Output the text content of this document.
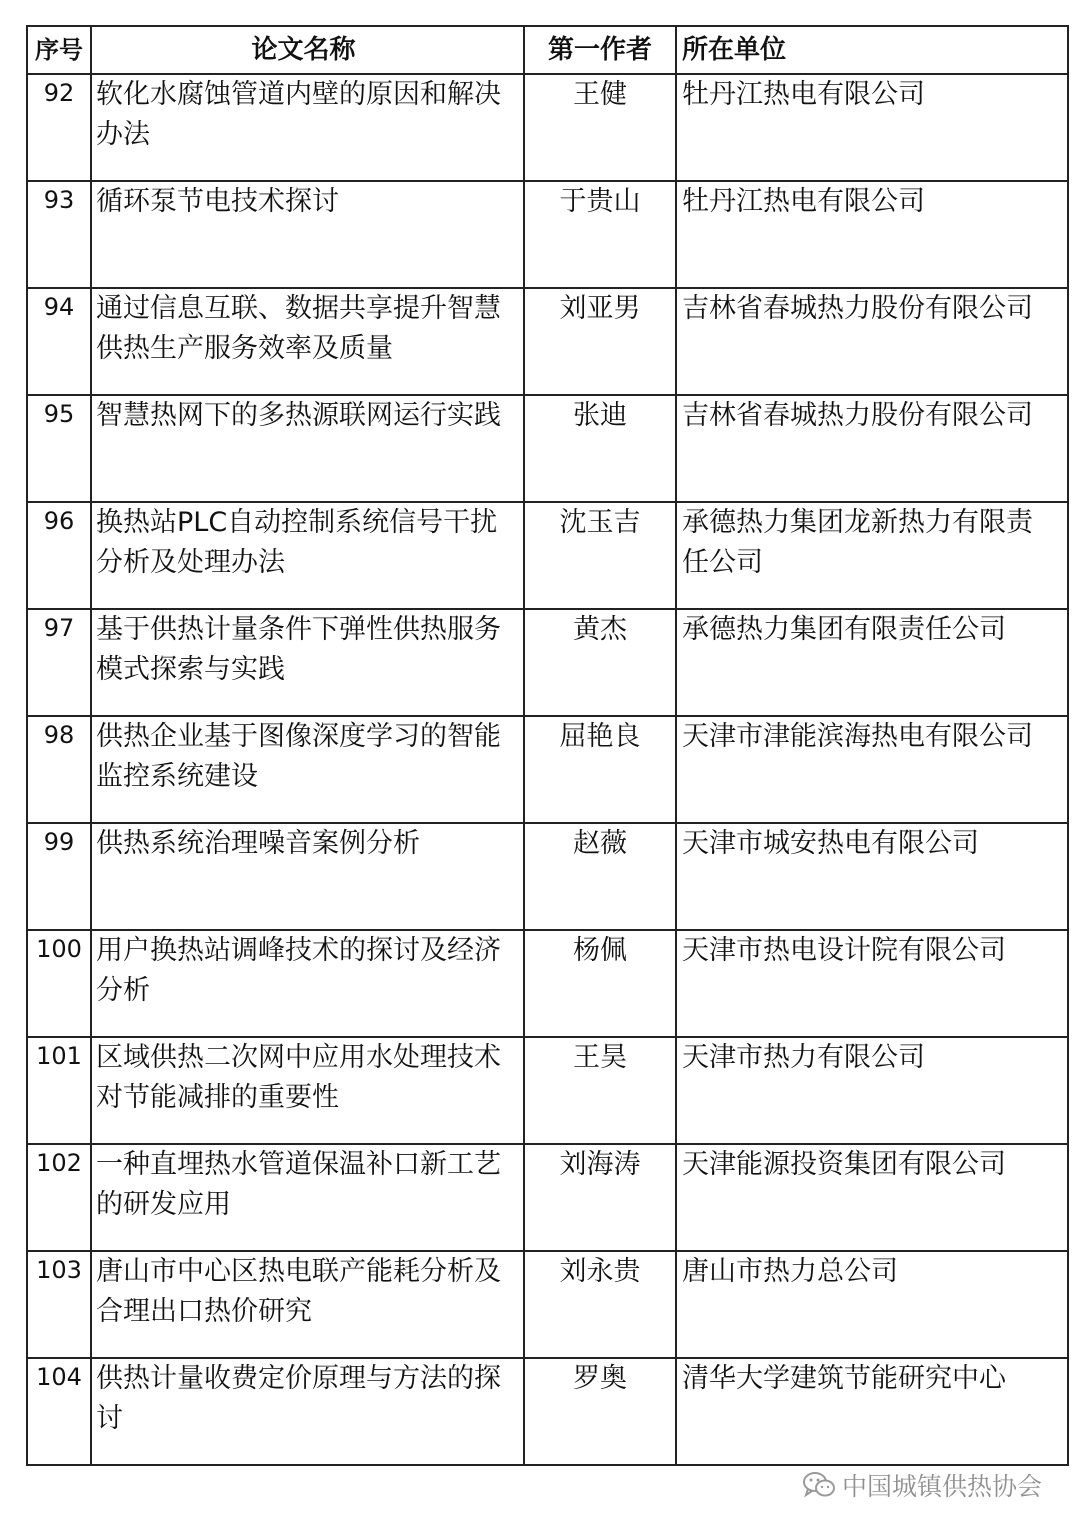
序号	论文名称	第一作者	所在单位
92	软化水腐蚀管道内壁的原因和解决办法	王健	牡丹江热电有限公司
93	循环泵节电技术探讨	于贵山	牡丹江热电有限公司
94	通过信息互联、数据共享提升智慧供热生产服务效率及质量	刘亚男	吉林省春城热力股份有限公司
95	智慧热网下的多热源联网运行实践	张迪	吉林省春城热力股份有限公司
96	换热站PLC自动控制系统信号干扰分析及处理办法	沈玉吉	承德热力集团龙新热力有限责任公司
97	基于供热计量条件下弹性供热服务模式探索与实践	黄杰	承德热力集团有限责任公司
98	供热企业基于图像深度学习的智能监控系统建设	屈艳良	天津市津能滨海热电有限公司
99	供热系统治理噪音案例分析	赵薇	天津市城安热电有限公司
100	用户换热站调峰技术的探讨及经济分析	杨佩	天津市热电设计院有限公司
101	区域供热二次网中应用水处理技术对节能减排的重要性	王昊	天津市热力有限公司
102	一种直埋热水管道保温补口新工艺的研发应用	刘海涛	天津能源投资集团有限公司
103	唐山市中心区热电联产能耗分析及合理出口热价研究	刘永贵	唐山市热力总公司
104	供热计量收费定价原理与方法的探讨	罗奥	清华大学建筑节能研究中心
中国城镇供热协会
